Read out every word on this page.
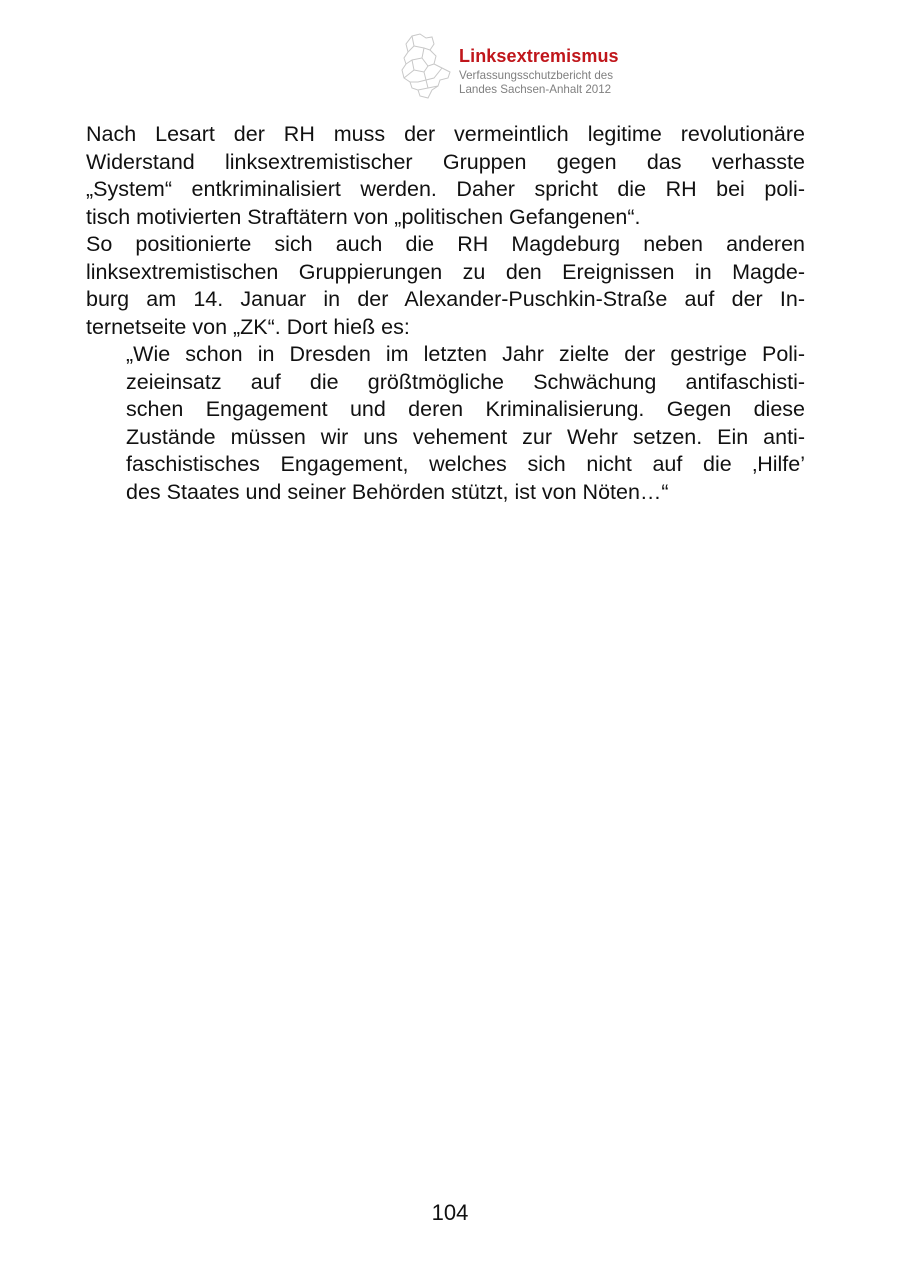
Linksextremismus
Verfassungsschutzbericht des
Landes Sachsen-Anhalt 2012

Nach Lesart der RH muss der vermeintlich legitime revolutionäre
Widerstand linksextremistischer Gruppen gegen das verhasste
„System“ entkriminalisiert werden. Daher spricht die RH bei poli-
tisch motivierten Straftätern von „politischen Gefangenen“.

So positionierte sich auch die RH Magdeburg neben anderen
linksextremistischen Gruppierungen zu den Ereignissen in Magde-
burg am 14. Januar in der Alexander-Puschkin-Straße auf der In-
ternetseite von „ZK“. Dort hieß es:

„Wie schon in Dresden im letzten Jahr zielte der gestrige Poli-
zeieinsatz auf die größtmögliche Schwächung antifaschisti-
schen Engagement und deren Kriminalisierung. Gegen diese
Zustände müssen wir uns vehement zur Wehr setzen. Ein anti-
faschistisches Engagement, welches sich nicht auf die ‚Hilfe’
des Staates und seiner Behörden stützt, ist von Nöten…“
104
